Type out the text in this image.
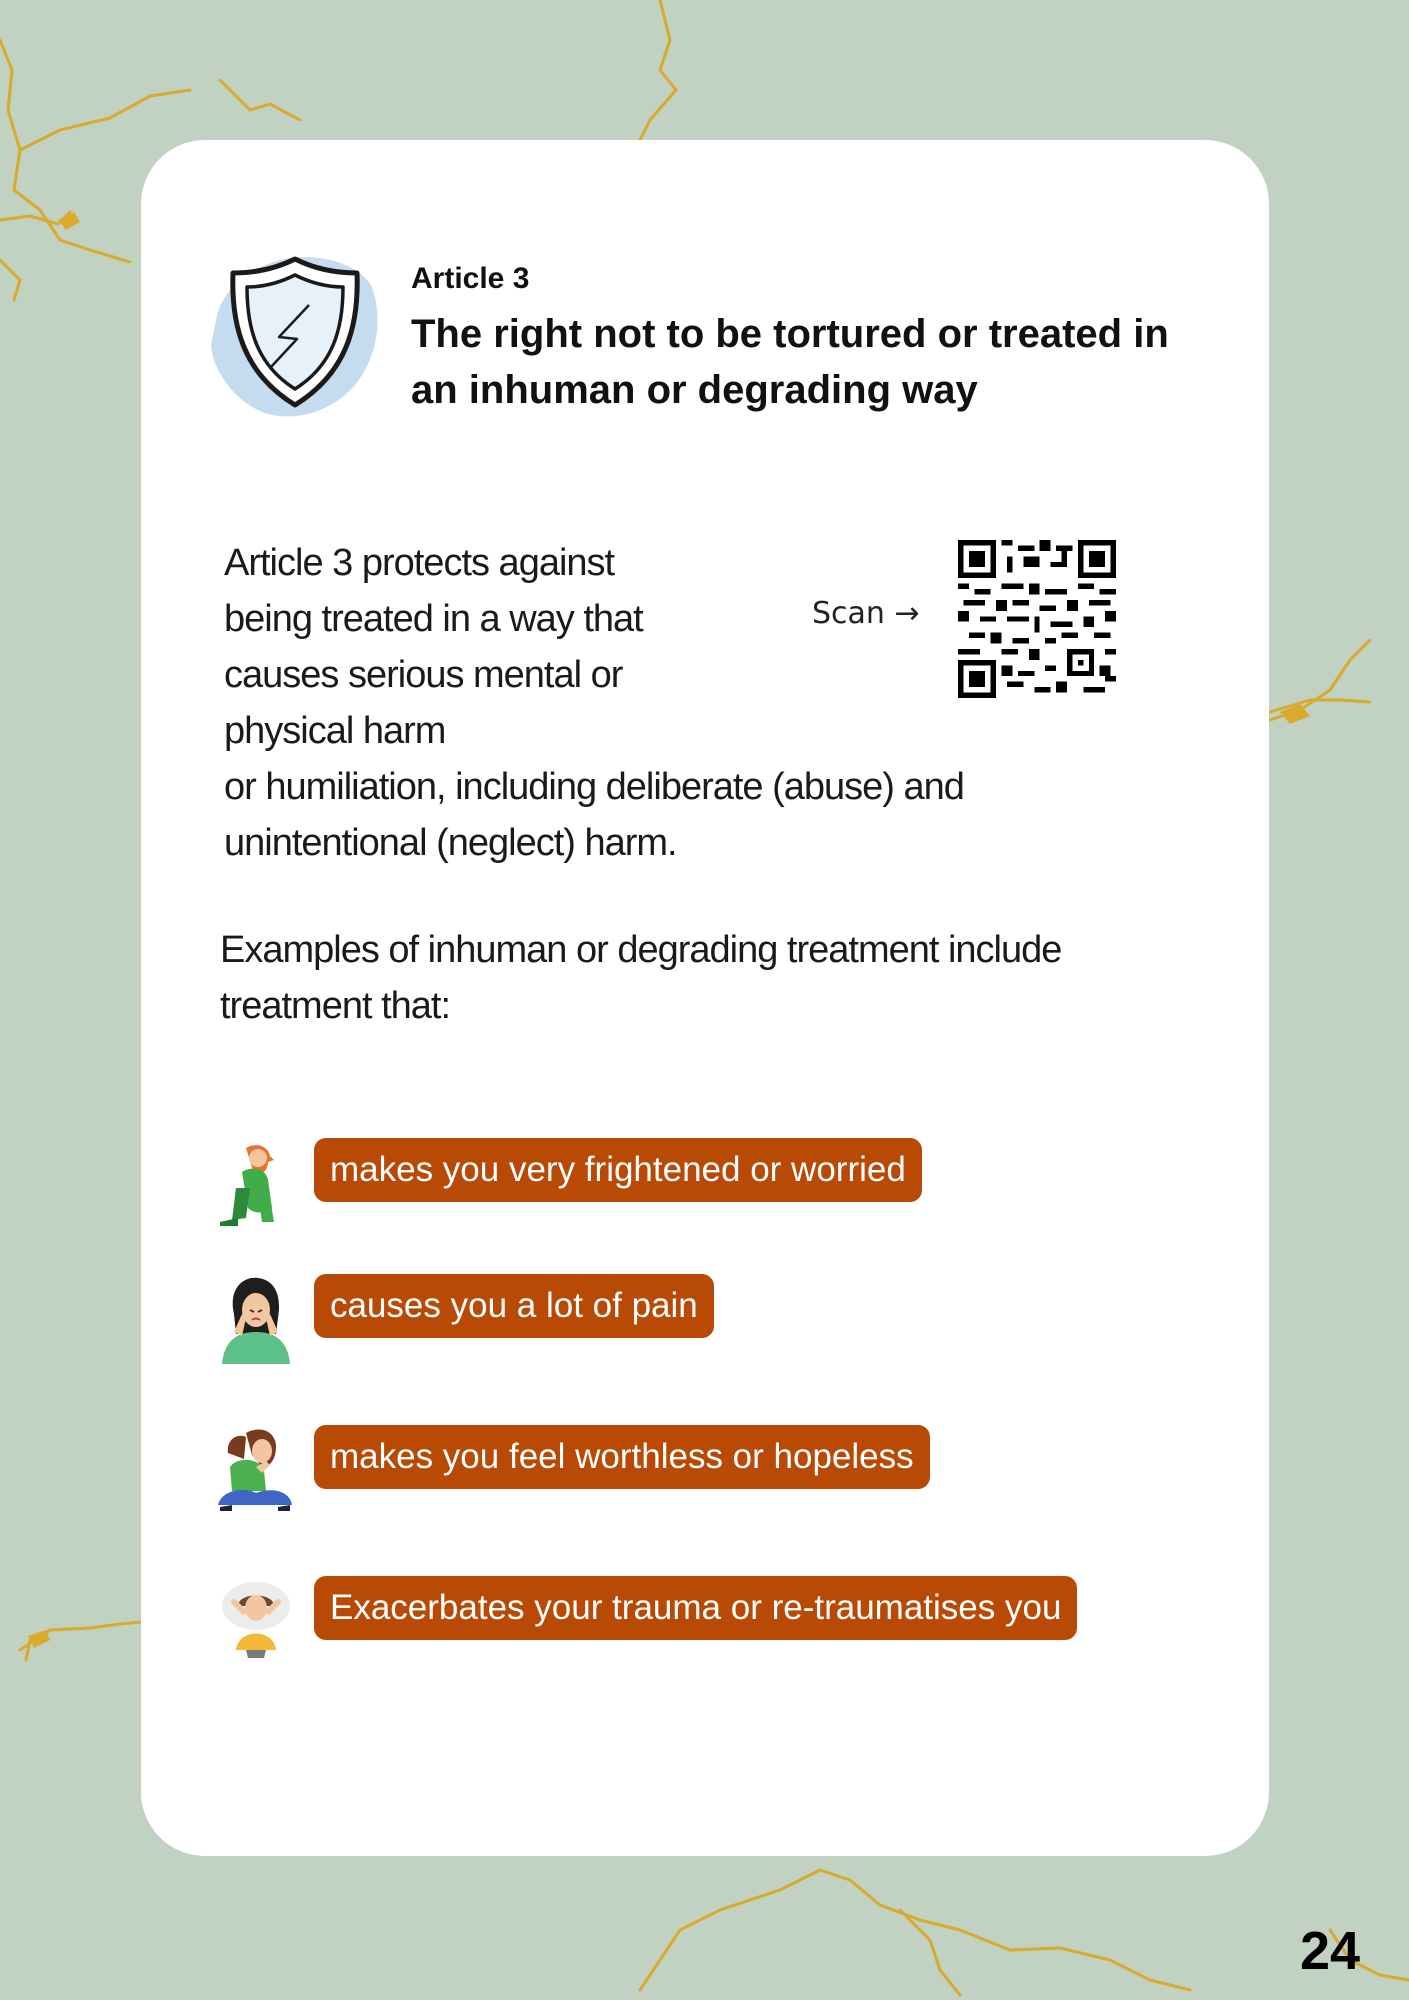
Article 3
The right not to be tortured or treated in an inhuman or degrading way
Article 3 protects against being treated in a way that causes serious mental or physical harm
or humiliation, including deliberate (abuse) and unintentional (neglect) harm.
Scan →
Examples of inhuman or degrading treatment include treatment that:
makes you very frightened or worried
causes you a lot of pain
makes you feel worthless or hopeless
Exacerbates your trauma or re-traumatises you
24
